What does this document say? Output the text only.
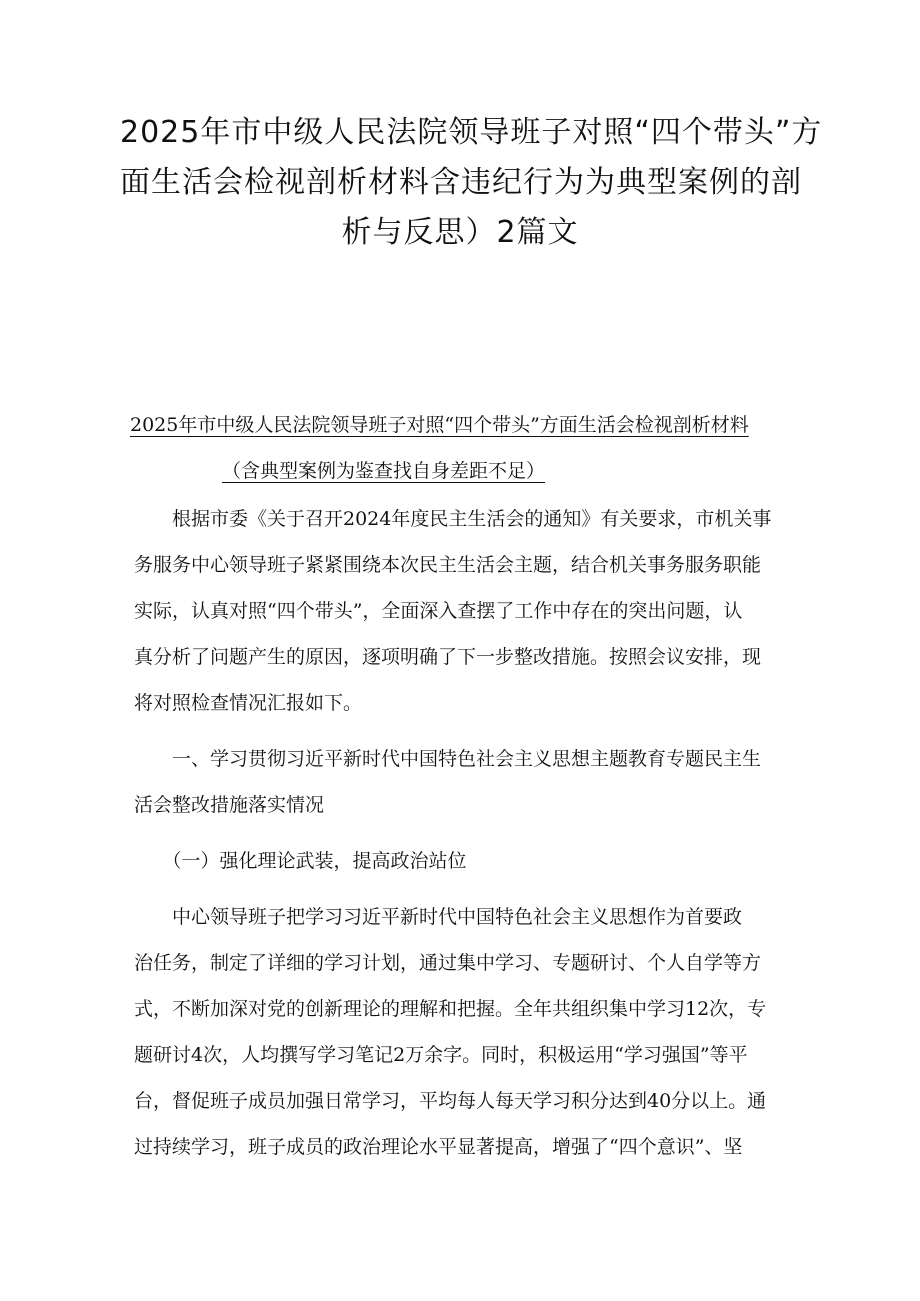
2025年市中级人民法院领导班子对照“四个带头”方
面生活会检视剖析材料含违纪行为为典型案例的剖
析与反思）2篇文
2025年市中级人民法院领导班子对照“四个带头”方面生活会检视剖析材料
（含典型案例为鉴查找自身差距不足）

　　根据市委《关于召开2024年度民主生活会的通知》有关要求，市机关事
务服务中心领导班子紧紧围绕本次民主生活会主题，结合机关事务服务职能
实际，认真对照“四个带头”，全面深入查摆了工作中存在的突出问题，认
真分析了问题产生的原因，逐项明确了下一步整改措施。按照会议安排，现
将对照检查情况汇报如下。

　　一、学习贯彻习近平新时代中国特色社会主义思想主题教育专题民主生
活会整改措施落实情况

　　（一）强化理论武装，提高政治站位

　　中心领导班子把学习习近平新时代中国特色社会主义思想作为首要政
治任务，制定了详细的学习计划，通过集中学习、专题研讨、个人自学等方
式，不断加深对党的创新理论的理解和把握。全年共组织集中学习12次，专
题研讨4次，人均撰写学习笔记2万余字。同时，积极运用“学习强国”等平
台，督促班子成员加强日常学习，平均每人每天学习积分达到40分以上。通
过持续学习，班子成员的政治理论水平显著提高，增强了“四个意识”、坚
